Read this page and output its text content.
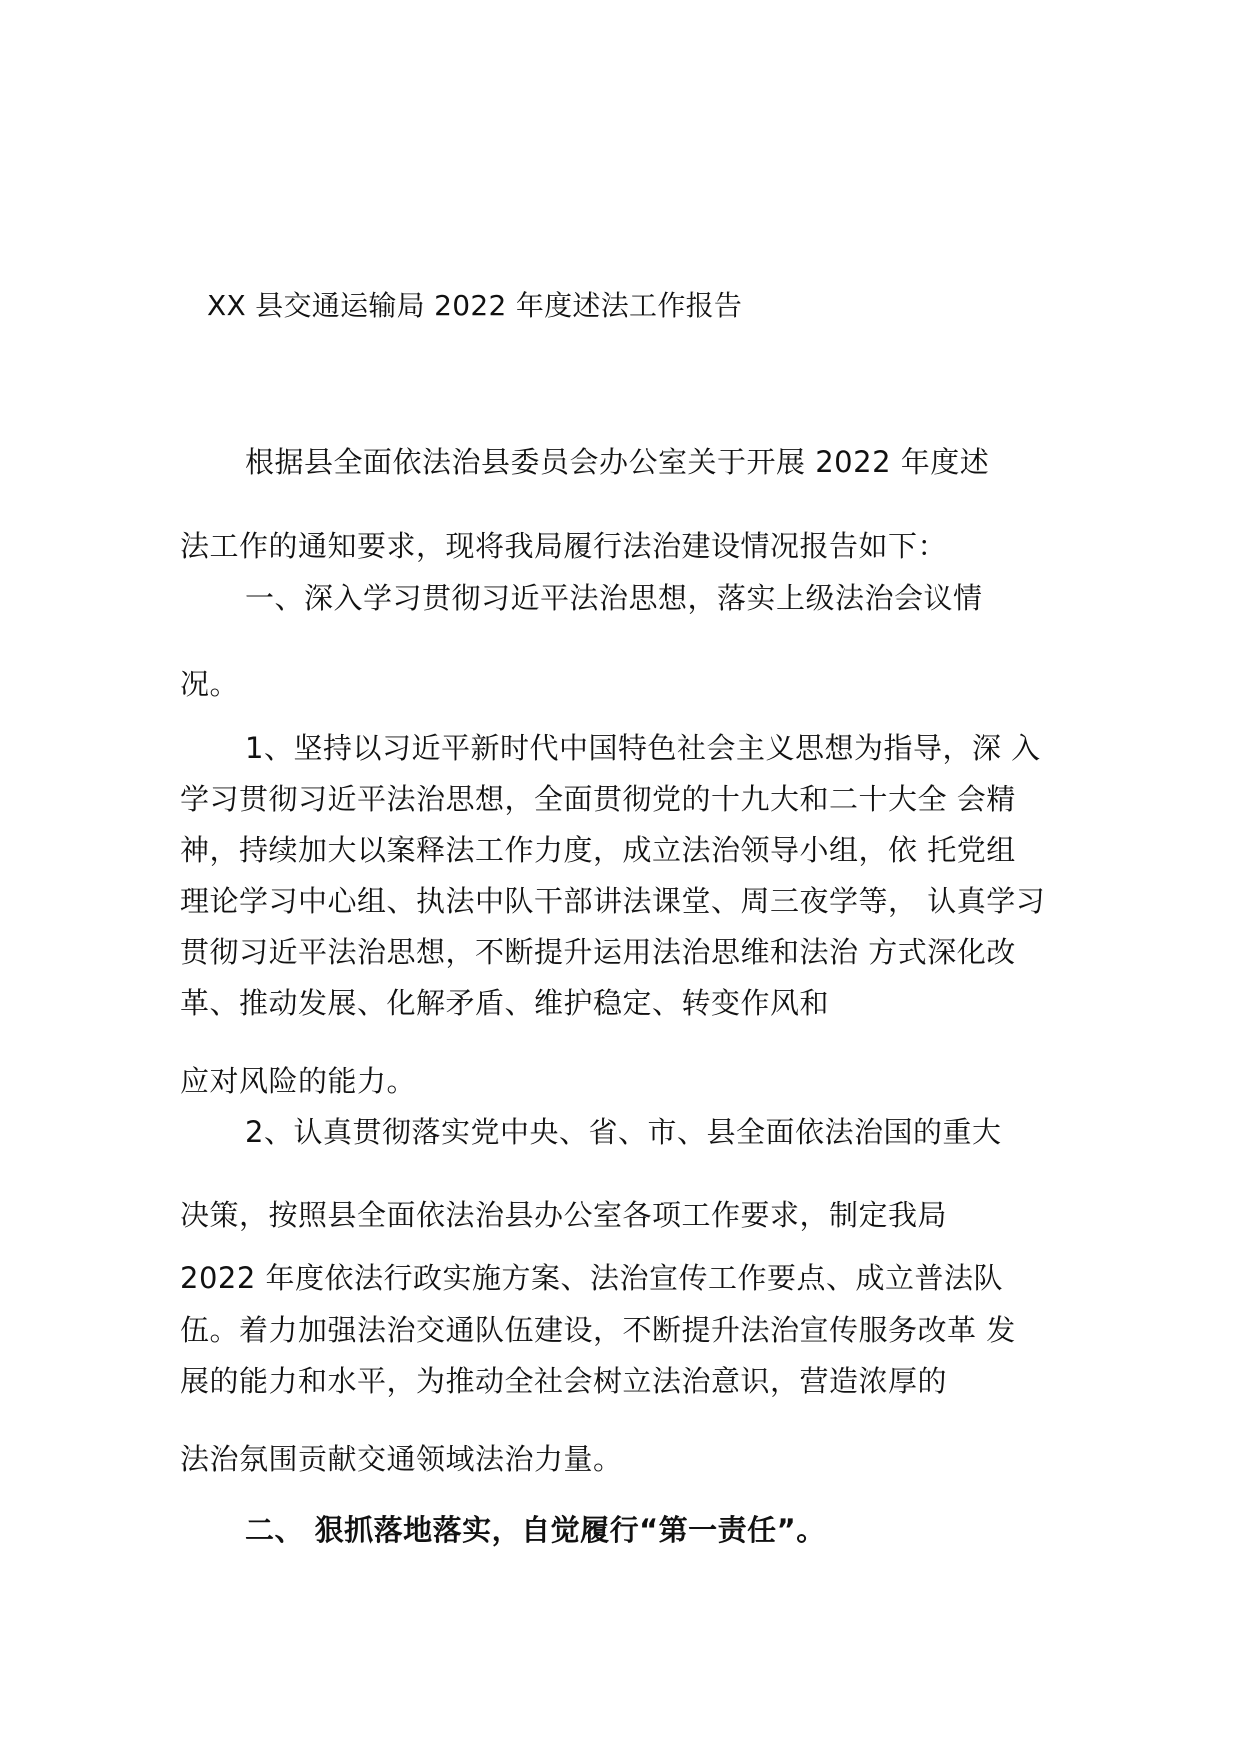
XX 县交通运输局 2022 年度述法工作报告
根据县全面依法治县委员会办公室关于开展 2022 年度述
法工作的通知要求，现将我局履行法治建设情况报告如下：
一、深入学习贯彻习近平法治思想，落实上级法治会议情
况。
1、坚持以习近平新时代中国特色社会主义思想为指导，深 入
学习贯彻习近平法治思想，全面贯彻党的十九大和二十大全 会精
神，持续加大以案释法工作力度，成立法治领导小组，依 托党组
理论学习中心组、执法中队干部讲法课堂、周三夜学等， 认真学习
贯彻习近平法治思想，不断提升运用法治思维和法治 方式深化改
革、推动发展、化解矛盾、维护稳定、转变作风和
应对风险的能力。
2、认真贯彻落实党中央、省、市、县全面依法治国的重大
决策，按照县全面依法治县办公室各项工作要求，制定我局
2022 年度依法行政实施方案、法治宣传工作要点、成立普法队
伍。着力加强法治交通队伍建设，不断提升法治宣传服务改革 发
展的能力和水平，为推动全社会树立法治意识，营造浓厚的
法治氛围贡献交通领域法治力量。
二、 狠抓落地落实，自觉履行“第一责任”。
